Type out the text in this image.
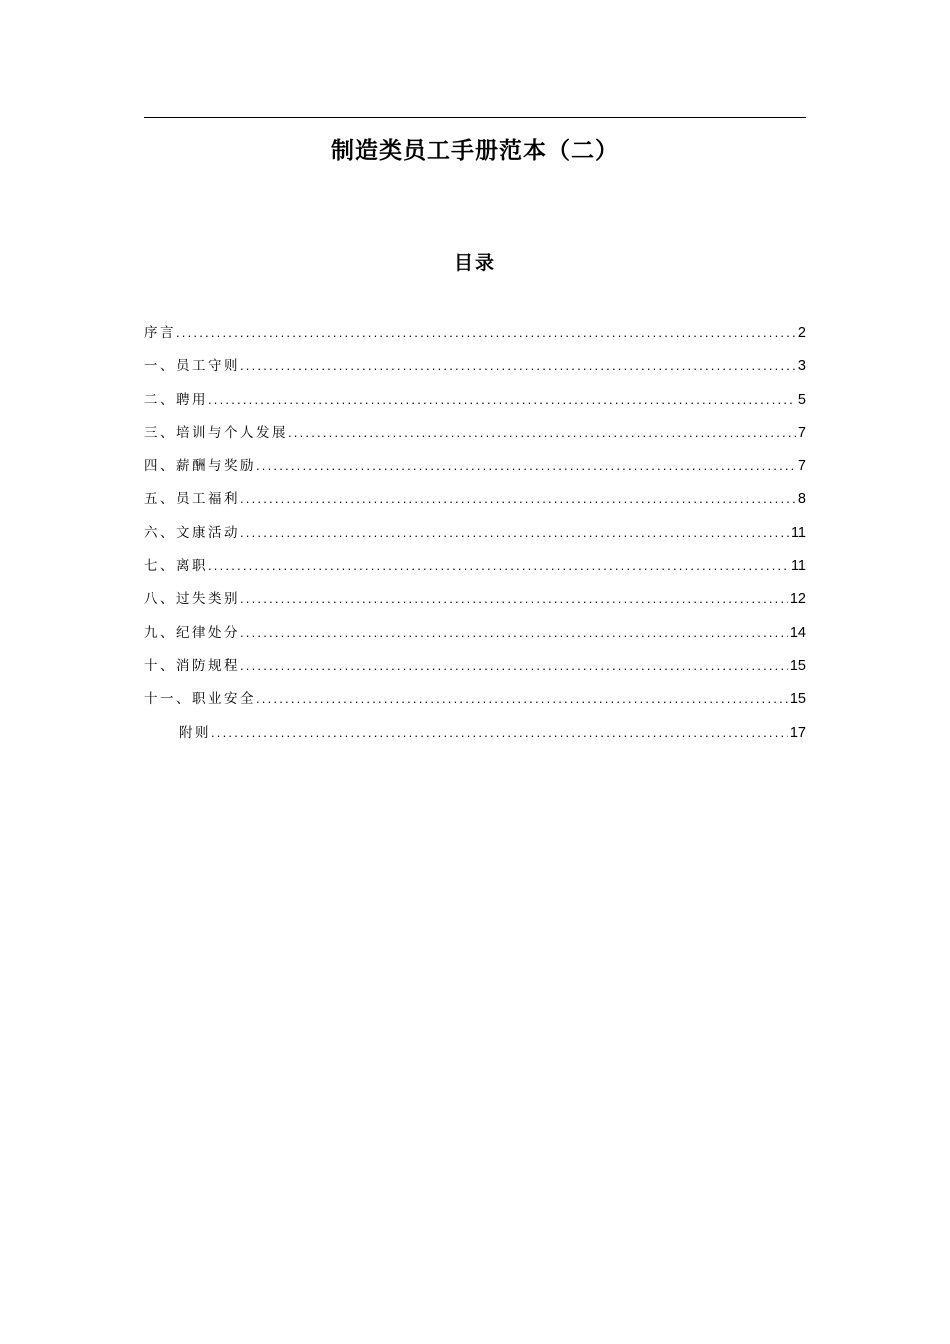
制造类员工手册范本（二）
目录
序言 .....	2
一、员工守则 .....	3
二、聘用 .....	5
三、培训与个人发展 .....	7
四、薪酬与奖励 .....	7
五、员工福利 .....	8
六、文康活动 .....	11
七、离职 .....	11
八、过失类别 .....	12
九、纪律处分 .....	14
十、消防规程 .....	15
十一、职业安全 .....	15
附则 .....	17
